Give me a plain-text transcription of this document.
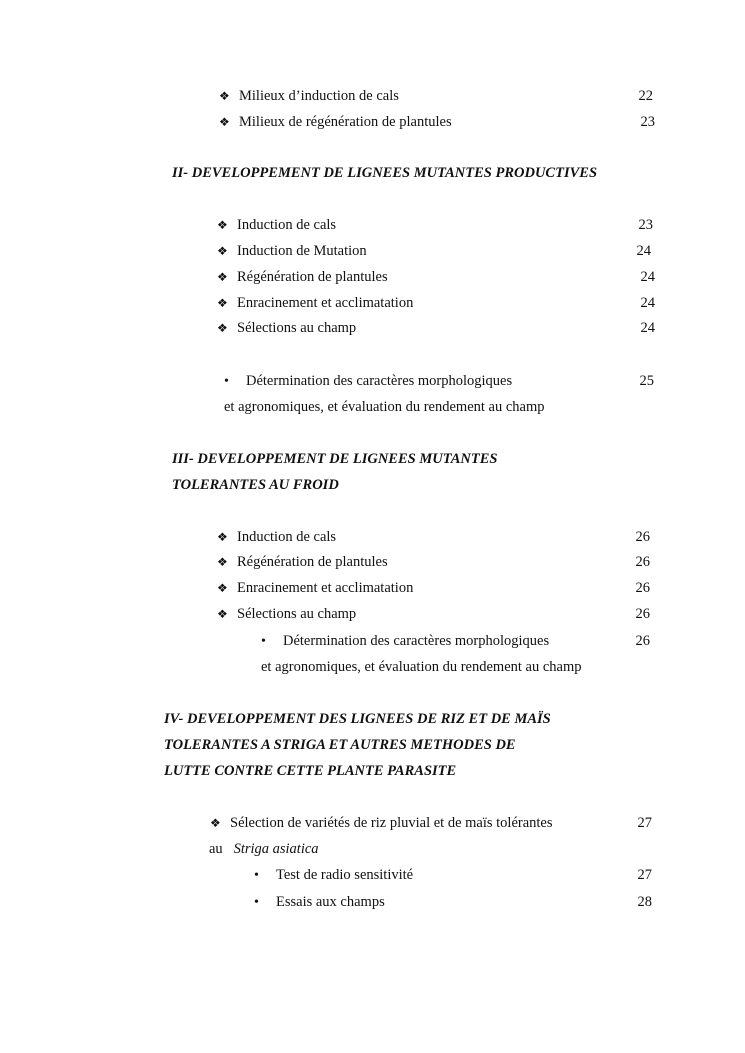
❖ Milieux d’induction de cals	22
❖ Milieux de régénération de plantules	23
II- DEVELOPPEMENT DE LIGNEES MUTANTES PRODUCTIVES
❖ Induction de cals	23
❖ Induction de Mutation	24
❖ Régénération de plantules	24
❖ Enracinement et acclimatation	24
❖ Sélections au champ	24
• Détermination des caractères morphologiques	25
et agronomiques, et évaluation du rendement au champ
III- DEVELOPPEMENT DE LIGNEES MUTANTES
TOLERANTES AU FROID
❖ Induction de cals	26
❖ Régénération de plantules	26
❖ Enracinement et acclimatation	26
❖ Sélections au champ	26
• Détermination des caractères morphologiques	26
et agronomiques, et évaluation du rendement au champ
IV- DEVELOPPEMENT DES LIGNEES DE RIZ ET DE MAÏS
TOLERANTES A STRIGA ET AUTRES METHODES DE
LUTTE CONTRE CETTE PLANTE PARASITE
❖ Sélection de variétés de riz pluvial et de maïs tolérantes	27
au Striga asiatica
• Test de radio sensitivité	27
• Essais aux champs	28
